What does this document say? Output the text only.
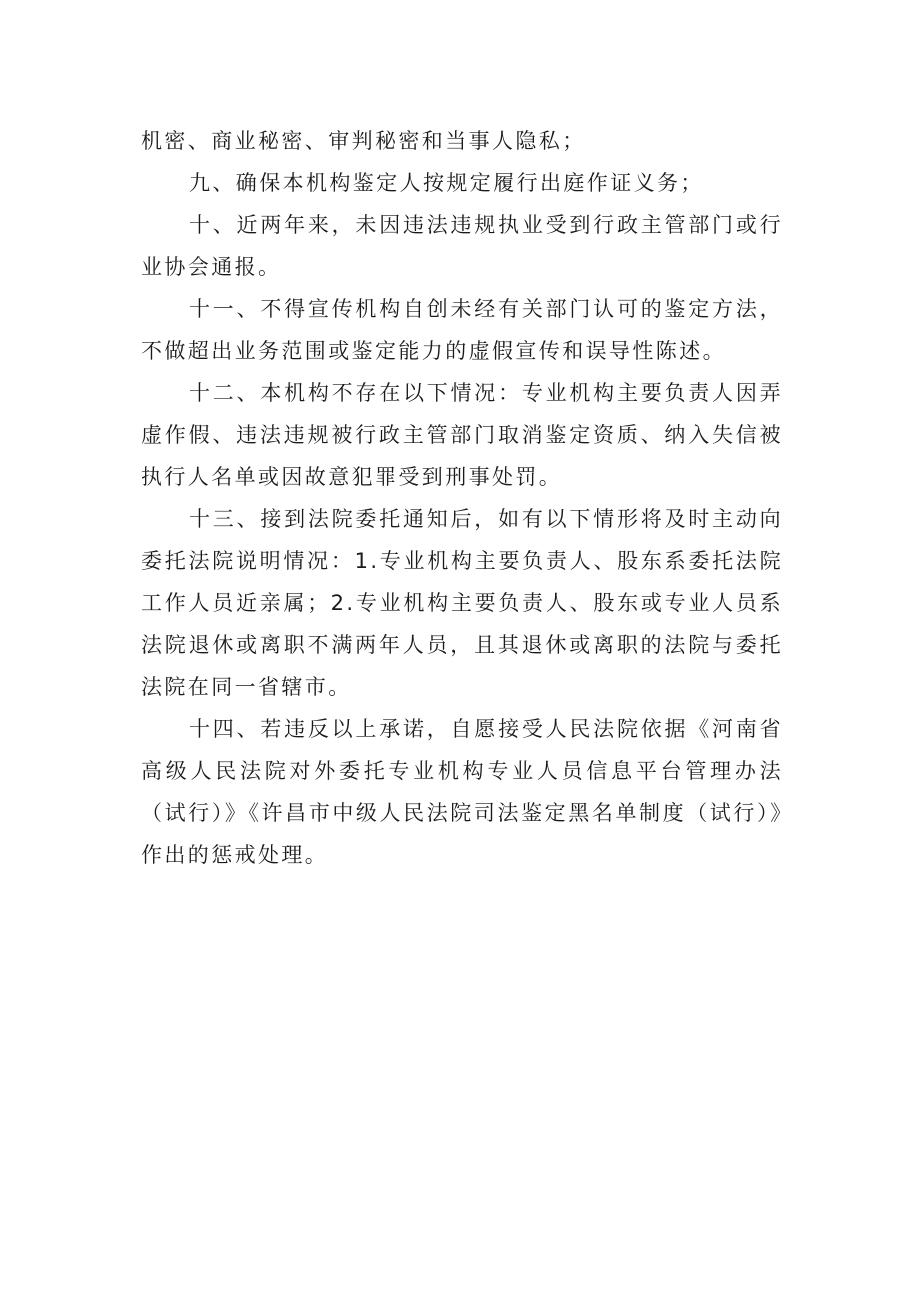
机密、商业秘密、审判秘密和当事人隐私；

九、确保本机构鉴定人按规定履行出庭作证义务；

十、近两年来，未因违法违规执业受到行政主管部门或行业协会通报。

十一、不得宣传机构自创未经有关部门认可的鉴定方法，不做超出业务范围或鉴定能力的虚假宣传和误导性陈述。

十二、本机构不存在以下情况：专业机构主要负责人因弄虚作假、违法违规被行政主管部门取消鉴定资质、纳入失信被执行人名单或因故意犯罪受到刑事处罚。

十三、接到法院委托通知后，如有以下情形将及时主动向委托法院说明情况：1.专业机构主要负责人、股东系委托法院工作人员近亲属；2.专业机构主要负责人、股东或专业人员系法院退休或离职不满两年人员，且其退休或离职的法院与委托法院在同一省辖市。

十四、若违反以上承诺，自愿接受人民法院依据《河南省高级人民法院对外委托专业机构专业人员信息平台管理办法（试行）》《许昌市中级人民法院司法鉴定黑名单制度（试行）》作出的惩戒处理。
